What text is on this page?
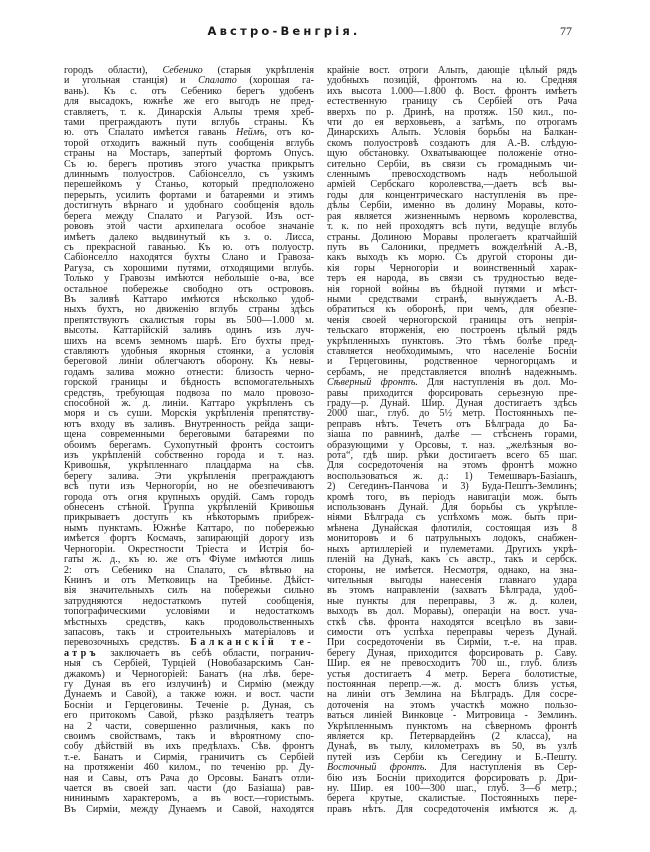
Австро-Венгрія.	77
городъ области), Себенико (старыя укрѣпленія
и угольная станція) и Спалато (хорошая га-
вань). Къ с. отъ Себенико берегъ удобенъ
для высадокъ, южнѣе же его выгодъ не пред-
ставляетъ, т. к. Динарскія Альпы тремя хреб-
тами преграждаютъ пути вглубь страны. Къ
ю. отъ Спалато имѣется гавань Неймъ, отъ ко-
торой отходитъ важный путь сообщенія вглубь
страны на Мостаръ, запертый фортомъ Опусъ.
Съ ю. берегъ противъ этого участка прикрытъ
длиннымъ полуостров. Сабіонселло, съ узкимъ
перешейкомъ у Станьо, который предположено
перерыть, усилить фортами и батареями и этимъ
достигнуть вѣрнаго и удобнаго сообщенія вдоль
берега между Спалато и Рагузой. Изъ ост-
рововъ этой части архипелага особое значаніе
имѣетъ далеко выдвинутый къ з. о. Лисса,
съ прекрасной гаванью. Къ ю. отъ полуостр.
Сабіонселло находятся бухты Слано и Гравоза-
Рагуза, съ хорошими путями, отходящими вглубь.
Только у Гравозы имѣются небольшіе о-ва, все
остальное побережье свободно отъ острововъ.
Въ заливѣ Каттаро имѣются нѣсколько удоб-
ныхъ бухтъ, но движенію вглубь страны здѣсь
препятствуютъ скалистыя горы въ 500—1.000 м.
высоты. Каттарійскій заливъ одинъ изъ луч-
шихъ на всемъ земномъ шарѣ. Его бухты пред-
ставляютъ удобныя якорныя стоянки, а условія
береговой линіи облегчаютъ оборону. Къ невы-
годамъ залива можно отнести: близость черно-
горской границы и бѣдность вспомогательныхъ
средствъ, требующая подвоза по мало провозо-
способной ж. д. линіи. Каттаро укрѣпленъ съ
моря и съ суши. Морскія укрѣпленія препятству-
ютъ входу въ заливъ. Внутренность рейда защи-
щена современными береговыми батареями по
обоимъ берегамъ. Сухопутный фронтъ состоитъ
изъ укрѣпленій собственно города и т. наз.
Кривошья, укрѣпленнаго плацдарма на сѣв.
берегу залива. Эти укрѣпленія преграждаютъ
всѣ пути изъ Черногоріи, но не обезпечиваютъ
города отъ огня крупныхъ орудій. Самъ городъ
обнесенъ стѣной. Группа укрѣпленій Кривошья
прикрываетъ доступъ къ нѣкоторымъ прибреж-
нымъ пунктамъ. Южнѣе Каттаро, по побережью
имѣется фортъ Космачъ, запирающій дорогу изъ
Черногоріи. Окрестности Тріеста и Истрія бо-
гаты ж. д., къ ю. же отъ Фіуме имѣются лишь
2: отъ Себенико на Спалато, съ вѣтвью на
Книнъ и отъ Метковицъ на Требинье. Дѣйст-
вія значительныхъ силъ на побережьи сильно
затрудняются недостаткомъ путей сообщенія,
топографическими условіями и недостаткомъ
мѣстныхъ средствъ, какъ продовольственныхъ
запасовъ, такъ и строительныхъ матеріаловъ и
перевозочныхъ средствъ. Балканскій те-
атръ заключаетъ въ себѣ области, погранич-
ныя съ Сербіей, Турціей (Новобазарскимъ Сан-
джакомъ) и Черногоріей: Банатъ (на лѣв. бере-
гу Дуная въ его излучинѣ) и Сирмію (между
Дунаемъ и Савой), а также южн. и вост. части
Босніи и Герцеговины. Теченіе р. Дуная, съ
его притокомъ Савой, рѣзко раздѣляетъ театръ
на 2 части, совершенно различныя, какъ по
своимъ свойствамъ, такъ и вѣроятному спо-
собу дѣйствій въ ихъ предѣлахъ. Сѣв. фронтъ
т.-е. Банатъ и Сирмія, граничитъ съ Сербіей
на протяженіи 460 килом., по теченію рр. Ду-
ная и Савы, отъ Рача до Орсовы. Банатъ отли-
чается въ своей зап. части (до Базіаша) рав-
нининымъ характеромъ, а въ вост.—гористымъ.
Въ Сирміи, между Дунаемъ и Савой, находятся
крайніе вост. отроги Альпъ, дающіе цѣлый рядъ
удобныхъ позицій, фронтомъ на ю. Средняя
ихъ высота 1.000—1.800 ф. Вост. фронтъ имѣетъ
естественную границу съ Сербіей отъ Рача
вверхъ по р. Дринѣ, на протяж. 150 кил., по-
чти до ея верховьевъ, а затѣмъ, по отрогамъ
Динарскихъ Альпъ. Условія борьбы на Балкан-
скомъ полуостровѣ создаютъ для А.-В. слѣдую-
щую обстановку. Охватывающее положеніе отно-
сительно Сербіи, въ связи съ громаднымъ чи-
сленнымъ превосходствомъ надъ небольшой
арміей Сербскаго королевства,—даетъ всѣ вы-
годы для концентрическаго наступленія въ пре-
дѣлы Сербіи, именно въ долину Моравы, кото-
рая является жизненнымъ нервомъ королевства,
т. к. по ней проходятъ всѣ пути, ведущіе вглубь
страны. Долиною Моравы пролегаетъ кратчайшій
путь въ Салоники, предметъ вожделѣній А.-В,
какъ выходъ къ морю. Съ другой стороны ди-
кія горы Черногоріи и воинственный харак-
теръ ея народа, въ связи съ трудностью веде-
нія горной войны въ бѣдной путями и мѣст-
ными средствами странѣ, вынуждаетъ А.-В.
обратиться къ оборонѣ, при чемъ, для обезпе-
ченія своей черногорской границы отъ непрія-
тельскаго вторженія, ею построенъ цѣлый рядъ
укрѣпленныхъ пунктовъ. Это тѣмъ болѣе пред-
ставляется необходимымъ, что населеніе Босніи
и Герцеговины, родственное черногорцамъ и
сербамъ, не представляется вполнѣ надежнымъ.
Сѣверный фронтъ. Для наступленія въ дол. Мо-
равы приходится форсировать серьезную пре-
граду—р. Дунай. Шир. Дуная достигаетъ здѣсь
2000 шаг., глуб. до 5½ метр. Постоянныхъ пе-
реправъ нѣтъ. Течетъ отъ Бѣлграда до Ба-
зіаша по равнинѣ, далѣе — стѣсненъ горами,
образующими у Орсовы, т. наз. „желѣзныя во-
рота“, гдѣ шир. рѣки достигаетъ всего 65 шаг.
Для сосредоточенія на этомъ фронтѣ можно
воспользоваться ж. д.: 1) Темешваръ-Базіашъ,
2) Сегединъ-Панчова и 3) Буда-Пештъ-Землинъ;
кромѣ того, въ періодъ навигаціи мож. быть
использованъ Дунай. Для борьбы съ укрѣпле-
ніями Бѣлграда съ успѣхомъ мож. быть при-
мѣнена Дунайская флотилія, состоящая изъ 8
мониторовъ и 6 патрульныхъ лодокъ, снабжен-
ныхъ артиллеріей и пулеметами. Другихъ укрѣ-
пленій на Дунаѣ, какъ съ австр., такъ и сербск.
стороны, не имѣется. Несмотря, однако, на зна-
чительныя выгоды нанесенія главнаго удара
въ этомъ направленіи (захватъ Бѣлграда, удоб-
ные пункты для переправы, 3 ж. д. колеи,
выходъ въ дол. Моравы), операціи на вост. уча-
сткѣ сѣв. фронта находятся всецѣло въ зави-
симости отъ успѣха переправы черезъ Дунай.
При сосредоточеніи въ Сирміи, т.-е. на прав.
берегу Дуная, приходится форсировать р. Саву.
Шир. ея не превосходитъ 700 ш., глуб. близъ
устья достигаетъ 4 метр. Берега болотистые,
постоянная перепр.—ж. д. мостъ близъ устья,
на линіи отъ Землина на Бѣлградъ. Для сосре-
доточенія на этомъ участкѣ можно пользо-
ваться линіей Винковце - Митровица - Землинъ.
Укрѣпленнымъ пунктомъ на сѣверномъ фронтѣ
является кр. Петервардейнъ (2 класса), на
Дунаѣ, въ тылу, километрахъ въ 50, въ узлѣ
путей изъ Сербіи къ Сегедину и Б.-Пешту.
Восточный фронтъ. Для наступленія въ Сер-
бію изъ Босніи приходится форсировать р. Дри-
ну. Шир. ея 100—300 шаг., глуб. 3—6 метр.;
берега крутые, скалистые. Постоянныхъ пере-
правъ нѣтъ. Для сосредоточенія имѣются ж. д.
